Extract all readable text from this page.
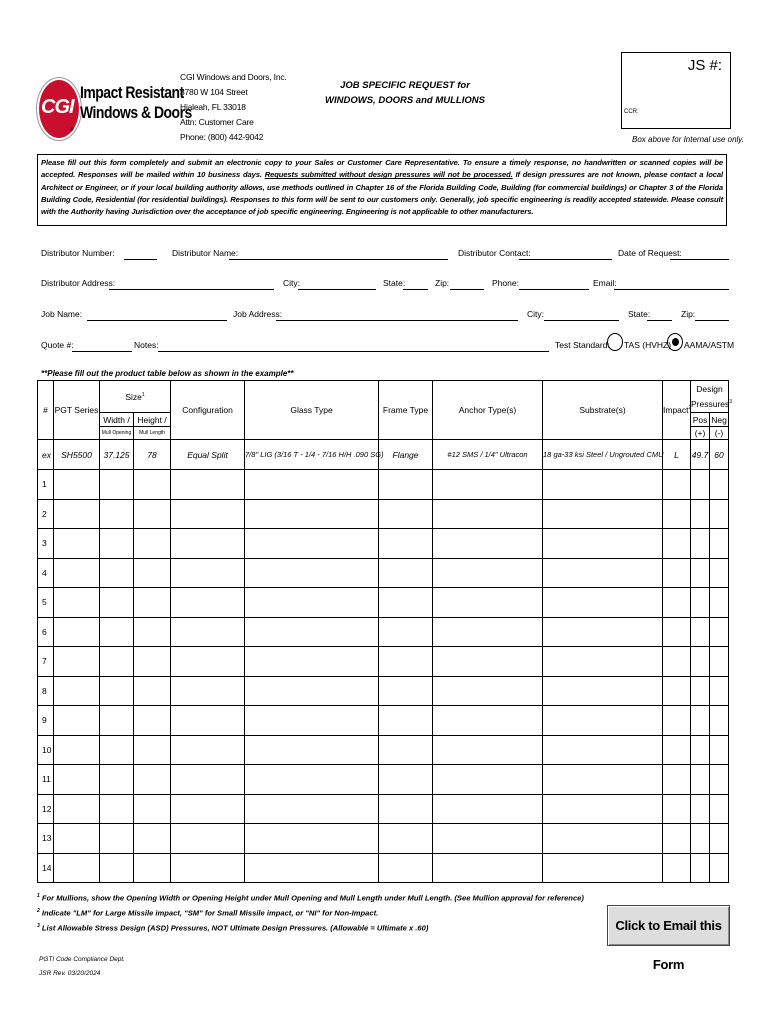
CGI
Impact Resistant
Windows & Doors
®
CGI Windows and Doors, Inc.
3780 W 104 Street
Hialeah, FL 33018
Attn: Customer Care
Phone: (800) 442-9042
JOB SPECIFIC REQUEST for
WINDOWS, DOORS and MULLIONS
JS #:
CCR:
Box above for Internal use only.
Please fill out this form completely and submit an electronic copy to your Sales or Customer Care Representative. To ensure a timely response, no handwritten or scanned copies will be accepted. Responses will be mailed within 10 business days. Requests submitted without design pressures will not be processed. If design pressures are not known, please contact a local Architect or Engineer, or if your local building authority allows, use methods outlined in Chapter 16 of the Florida Building Code, Building (for commercial buildings) or Chapter 3 of the Florida Building Code, Residential (for residential buildings). Responses to this form will be sent to our customers only. Generally, job specific engineering is readily accepted statewide. Please consult with the Authority having Jurisdiction over the acceptance of job specific engineering. Engineering is not applicable to other manufacturers.
Distributor Number:	Distributor Name:	Distributor Contact:	Date of Request:
Distributor Address:	City:	State:	Zip:	Phone:	Email:
Job Name:	Job Address:	City:	State:	Zip:
Quote #:	Notes:	Test Standard: TAS (HVHZ) AAMA/ASTM
**Please fill out the product table below as shown in the example**
#	PGT Series	Size$^1$		Configuration	Glass Type	Frame Type	Anchor Type(s)	Substrate(s)	Impact$^2$	Design
Pressures$^3$

		Width /	Height /							Pos	Neg
		Mull Opening	Mull Length							(+)	(-)
ex	SH5500	37.125	78	Equal Split	7/8" LIG (3/16 T - 1/4 - 7/16 H/H .090 SG)	Flange	#12 SMS / 1/4" Ultracon	18 ga-33 ksi Steel / Ungrouted CMU	L	49.7	60
1											
2											
3											
4											
5											
6											
7											
8											
9											
10											
11											
12											
13											
14											
$^1$ For Mullions, show the Opening Width or Opening Height under Mull Opening and Mull Length under Mull Length. (See Mullion approval for reference)
$^2$ Indicate "LM" for Large Missile impact, "SM" for Small Missile impact, or "NI" for Non-Impact.
$^3$ List Allowable Stress Design (ASD) Pressures, NOT Ultimate Design Pressures. (Allowable = Ultimate x .60)	Click to Email this Form
PGTI Code Compliance Dept.
JSR Rev. 03/20/2024
